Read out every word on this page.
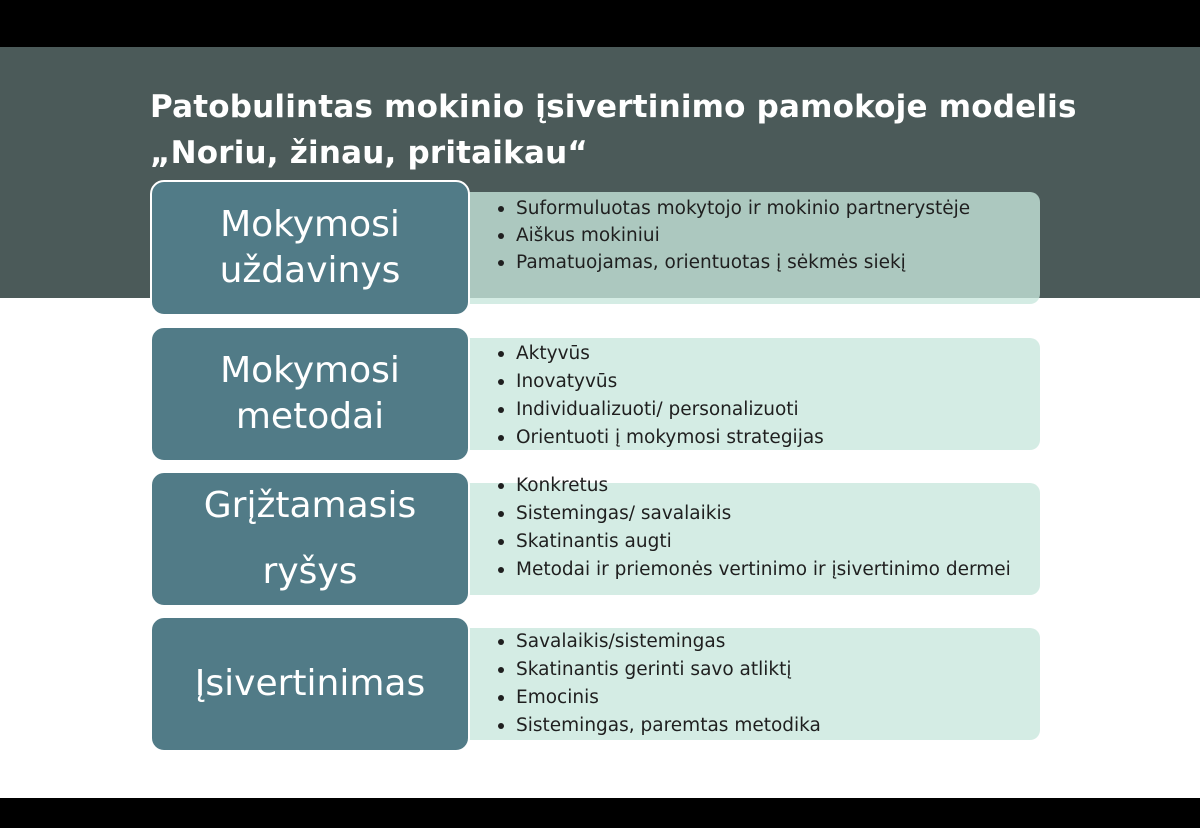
Patobulintas mokinio įsivertinimo pamokoje modelis
„Noriu, žinau, pritaikau“
Mokymosi
uždavinys
Suformuluotas mokytojo ir mokinio partnerystėje
Aiškus mokiniui
Pamatuojamas, orientuotas į sėkmės siekį
Mokymosi
metodai
Aktyvūs
Inovatyvūs
Individualizuoti/ personalizuoti
Orientuoti į mokymosi strategijas
Grįžtamasis
ryšys
Konkretus
Sistemingas/ savalaikis
Skatinantis augti
Metodai ir priemonės vertinimo ir įsivertinimo dermei
Įsivertinimas
Savalaikis/sistemingas
Skatinantis gerinti savo atliktį
Emocinis
Sistemingas, paremtas metodika
